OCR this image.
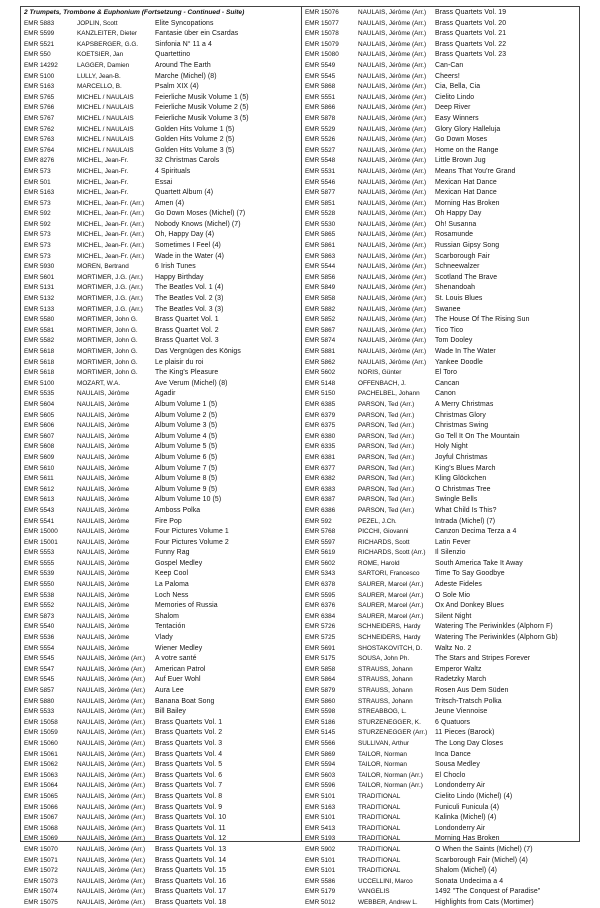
2 Trumpets, Trombone & Euphonium (Fortsetzung - Continued - Suite)
EMR 5883	JOPLIN, Scott	Elite Syncopations
EMR 5599	KANZLEITER, Dieter	Fantasie über ein Csardas
EMR 5521	KAPSBERGER, G.G.	Sinfonia N° 11 a 4
EMR 550	KOETSIER, Jan	Quartettino
EMR 14292	LAGGER, Damien	Around The Earth
EMR 5100	LULLY, Jean-B.	Marche (Michel) (8)
EMR 5163	MARCELLO, B.	Psalm XIX (4)
EMR 5765	MICHEL / NAULAIS	Feierliche Musik Volume 1 (5)
EMR 5766	MICHEL / NAULAIS	Feierliche Musik Volume 2 (5)
EMR 5767	MICHEL / NAULAIS	Feierliche Musik Volume 3 (5)
EMR 5762	MICHEL / NAULAIS	Golden Hits Volume 1 (5)
EMR 5763	MICHEL / NAULAIS	Golden Hits Volume 2 (5)
EMR 5764	MICHEL / NAULAIS	Golden Hits Volume 3 (5)
EMR 8276	MICHEL, Jean-Fr.	32 Christmas Carols
EMR 573	MICHEL, Jean-Fr.	4 Spirituals
EMR 501	MICHEL, Jean-Fr.	Essai
EMR 5163	MICHEL, Jean-Fr.	Quartett Album (4)
EMR 573	MICHEL, Jean-Fr. (Arr.)	Amen (4)
EMR 592	MICHEL, Jean-Fr. (Arr.)	Go Down Moses (Michel) (7)
EMR 592	MICHEL, Jean-Fr. (Arr.)	Nobody Knows (Michel) (7)
EMR 573	MICHEL, Jean-Fr. (Arr.)	Oh, Happy Day (4)
EMR 573	MICHEL, Jean-Fr. (Arr.)	Sometimes I Feel (4)
EMR 573	MICHEL, Jean-Fr. (Arr.)	Wade in the Water (4)
EMR 5930	MOREN, Bertrand	6 Irish Tunes
EMR 5601	MORTIMER, J.G. (Arr.)	Happy Birthday
EMR 5131	MORTIMER, J.G. (Arr.)	The Beatles Vol. 1 (4)
EMR 5132	MORTIMER, J.G. (Arr.)	The Beatles Vol. 2 (3)
EMR 5133	MORTIMER, J.G. (Arr.)	The Beatles Vol. 3 (3)
EMR 5580	MORTIMER, John G.	Brass Quartet Vol. 1
EMR 5581	MORTIMER, John G.	Brass Quartet Vol. 2
EMR 5582	MORTIMER, John G.	Brass Quartet Vol. 3
EMR 5618	MORTIMER, John G.	Das Vergnügen des Königs
EMR 5618	MORTIMER, John G.	Le plaisir du roi
EMR 5618	MORTIMER, John G.	The King's Pleasure
EMR 5100	MOZART, W.A.	Ave Verum (Michel) (8)
EMR 5535	NAULAIS, Jérôme	Agadir
EMR 5604	NAULAIS, Jérôme	Album Volume 1 (5)
EMR 5605	NAULAIS, Jérôme	Album Volume 2 (5)
EMR 5606	NAULAIS, Jérôme	Album Volume 3 (5)
EMR 5607	NAULAIS, Jérôme	Album Volume 4 (5)
EMR 5608	NAULAIS, Jérôme	Album Volume 5 (5)
EMR 5609	NAULAIS, Jérôme	Album Volume 6 (5)
EMR 5610	NAULAIS, Jérôme	Album Volume 7 (5)
EMR 5611	NAULAIS, Jérôme	Album Volume 8 (5)
EMR 5612	NAULAIS, Jérôme	Album Volume 9 (5)
EMR 5613	NAULAIS, Jérôme	Album Volume 10 (5)
EMR 5543	NAULAIS, Jérôme	Amboss Polka
EMR 5541	NAULAIS, Jérôme	Fire Pop
EMR 15000	NAULAIS, Jérôme	Four Pictures Volume 1
EMR 15001	NAULAIS, Jérôme	Four Pictures Volume 2
EMR 5553	NAULAIS, Jérôme	Funny Rag
EMR 5555	NAULAIS, Jérôme	Gospel Medley
EMR 5539	NAULAIS, Jérôme	Keep Cool
EMR 5550	NAULAIS, Jérôme	La Paloma
EMR 5538	NAULAIS, Jérôme	Loch Ness
EMR 5552	NAULAIS, Jérôme	Memories of Russia
EMR 5873	NAULAIS, Jérôme	Shalom
EMR 5540	NAULAIS, Jérôme	Tentación
EMR 5536	NAULAIS, Jérôme	Vlady
EMR 5554	NAULAIS, Jérôme	Wiener Medley
EMR 5545	NAULAIS, Jérôme (Arr.)	A votre santé
EMR 5547	NAULAIS, Jérôme (Arr.)	American Patrol
EMR 5545	NAULAIS, Jérôme (Arr.)	Auf Euer Wohl
EMR 5857	NAULAIS, Jérôme (Arr.)	Aura Lee
EMR 5880	NAULAIS, Jérôme (Arr.)	Banana Boat Song
EMR 5533	NAULAIS, Jérôme (Arr.)	Bill Bailey
EMR 15058	NAULAIS, Jérôme (Arr.)	Brass Quartets Vol. 1
EMR 15059	NAULAIS, Jérôme (Arr.)	Brass Quartets Vol. 2
EMR 15060	NAULAIS, Jérôme (Arr.)	Brass Quartets Vol. 3
EMR 15061	NAULAIS, Jérôme (Arr.)	Brass Quartets Vol. 4
EMR 15062	NAULAIS, Jérôme (Arr.)	Brass Quartets Vol. 5
EMR 15063	NAULAIS, Jérôme (Arr.)	Brass Quartets Vol. 6
EMR 15064	NAULAIS, Jérôme (Arr.)	Brass Quartets Vol. 7
EMR 15065	NAULAIS, Jérôme (Arr.)	Brass Quartets Vol. 8
EMR 15066	NAULAIS, Jérôme (Arr.)	Brass Quartets Vol. 9
EMR 15067	NAULAIS, Jérôme (Arr.)	Brass Quartets Vol. 10
EMR 15068	NAULAIS, Jérôme (Arr.)	Brass Quartets Vol. 11
EMR 15069	NAULAIS, Jérôme (Arr.)	Brass Quartets Vol. 12
EMR 15070	NAULAIS, Jérôme (Arr.)	Brass Quartets Vol. 13
EMR 15071	NAULAIS, Jérôme (Arr.)	Brass Quartets Vol. 14
EMR 15072	NAULAIS, Jérôme (Arr.)	Brass Quartets Vol. 15
EMR 15073	NAULAIS, Jérôme (Arr.)	Brass Quartets Vol. 16
EMR 15074	NAULAIS, Jérôme (Arr.)	Brass Quartets Vol. 17
EMR 15075	NAULAIS, Jérôme (Arr.)	Brass Quartets Vol. 18
EMR 15076	NAULAIS, Jérôme (Arr.)	Brass Quartets Vol. 19
EMR 15077	NAULAIS, Jérôme (Arr.)	Brass Quartets Vol. 20
EMR 15078	NAULAIS, Jérôme (Arr.)	Brass Quartets Vol. 21
EMR 15079	NAULAIS, Jérôme (Arr.)	Brass Quartets Vol. 22
EMR 15080	NAULAIS, Jérôme (Arr.)	Brass Quartets Vol. 23
EMR 5549	NAULAIS, Jérôme (Arr.)	Can-Can
EMR 5545	NAULAIS, Jérôme (Arr.)	Cheers!
EMR 5868	NAULAIS, Jérôme (Arr.)	Cia, Bella, Cia
EMR 5551	NAULAIS, Jérôme (Arr.)	Cielito Lindo
EMR 5866	NAULAIS, Jérôme (Arr.)	Deep River
EMR 5878	NAULAIS, Jérôme (Arr.)	Easy Winners
EMR 5529	NAULAIS, Jérôme (Arr.)	Glory Glory Halleluja
EMR 5526	NAULAIS, Jérôme (Arr.)	Go Down Moses
EMR 5527	NAULAIS, Jérôme (Arr.)	Home on the Range
EMR 5548	NAULAIS, Jérôme (Arr.)	Little Brown Jug
EMR 5531	NAULAIS, Jérôme (Arr.)	Means That You're Grand
EMR 5546	NAULAIS, Jérôme (Arr.)	Mexican Hat Dance
EMR 5877	NAULAIS, Jérôme (Arr.)	Mexican Hat Dance
EMR 5851	NAULAIS, Jérôme (Arr.)	Morning Has Broken
EMR 5528	NAULAIS, Jérôme (Arr.)	Oh Happy Day
EMR 5530	NAULAIS, Jérôme (Arr.)	Oh! Susanna
EMR 5865	NAULAIS, Jérôme (Arr.)	Rosamunde
EMR 5861	NAULAIS, Jérôme (Arr.)	Russian Gipsy Song
EMR 5863	NAULAIS, Jérôme (Arr.)	Scarborough Fair
EMR 5544	NAULAIS, Jérôme (Arr.)	Schneewalzer
EMR 5856	NAULAIS, Jérôme (Arr.)	Scotland The Brave
EMR 5849	NAULAIS, Jérôme (Arr.)	Shenandoah
EMR 5858	NAULAIS, Jérôme (Arr.)	St. Louis Blues
EMR 5882	NAULAIS, Jérôme (Arr.)	Swanee
EMR 5852	NAULAIS, Jérôme (Arr.)	The House Of The Rising Sun
EMR 5867	NAULAIS, Jérôme (Arr.)	Tico Tico
EMR 5874	NAULAIS, Jérôme (Arr.)	Tom Dooley
EMR 5881	NAULAIS, Jérôme (Arr.)	Wade In The Water
EMR 5862	NAULAIS, Jérôme (Arr.)	Yankee Doodle
EMR 5602	NORIS, Günter	El Toro
EMR 5148	OFFENBACH, J.	Cancan
EMR 5150	PACHELBEL, Johann	Canon
EMR 6385	PARSON, Ted (Arr.)	A Merry Christmas
EMR 6379	PARSON, Ted (Arr.)	Christmas Glory
EMR 6375	PARSON, Ted (Arr.)	Christmas Swing
EMR 6380	PARSON, Ted (Arr.)	Go Tell It On The Mountain
EMR 6335	PARSON, Ted (Arr.)	Holy Night
EMR 6381	PARSON, Ted (Arr.)	Joyful Christmas
EMR 6377	PARSON, Ted (Arr.)	King's Blues March
EMR 6382	PARSON, Ted (Arr.)	Kling Glöckchen
EMR 6383	PARSON, Ted (Arr.)	O Christmas Tree
EMR 6387	PARSON, Ted (Arr.)	Swingle Bells
EMR 6386	PARSON, Ted (Arr.)	What Child Is This?
EMR 592	PEZEL, J.Ch.	Intrada (Michel) (7)
EMR 5768	PICCHI, Giovanni	Canzon Decima Terza a 4
EMR 5597	RICHARDS, Scott	Latin Fever
EMR 5619	RICHARDS, Scott (Arr.)	Il Silenzio
EMR 5602	ROME, Harold	South America Take It Away
EMR 5343	SARTORI, Francesco	Time To Say Goodbye
EMR 6378	SAURER, Marcel (Arr.)	Adeste Fideles
EMR 5595	SAURER, Marcel (Arr.)	O Sole Mio
EMR 6376	SAURER, Marcel (Arr.)	Ox And Donkey Blues
EMR 6384	SAURER, Marcel (Arr.)	Silent Night
EMR 5726	SCHNEIDERS, Hardy	Watering The Periwinkles (Alphorn F)
EMR 5725	SCHNEIDERS, Hardy	Watering The Periwinkles (Alphorn Gb)
EMR 5691	SHOSTAKOVITCH, D.	Waltz No. 2
EMR 5175	SOUSA, John Ph.	The Stars and Stripes Forever
EMR 5858	STRAUSS, Johann	Emperor Waltz
EMR 5864	STRAUSS, Johann	Radetzky March
EMR 5879	STRAUSS, Johann	Rosen Aus Dem Süden
EMR 5860	STRAUSS, Johann	Tritsch-Tratsch Polka
EMR 5598	STREABBOG, L.	Jeune Viennoise
EMR 5186	STURZENEGGER, K.	6 Quatuors
EMR 5145	STURZENEGGER (Arr.)	11 Pieces (Barock)
EMR 5566	SULLIVAN, Arthur	The Long Day Closes
EMR 5869	TAILOR, Norman	Inca Dance
EMR 5594	TAILOR, Norman	Sousa Medley
EMR 5603	TAILOR, Norman (Arr.)	El Choclo
EMR 5596	TAILOR, Norman (Arr.)	Londonderry Air
EMR 5101	TRADITIONAL	Cielito Lindo (Michel) (4)
EMR 5163	TRADITIONAL	Funiculi Funicula (4)
EMR 5101	TRADITIONAL	Kalinka (Michel) (4)
EMR 5413	TRADITIONAL	Londonderry Air
EMR 5193	TRADITIONAL	Morning Has Broken
EMR 5902	TRADITIONAL	O When the Saints (Michel) (7)
EMR 5101	TRADITIONAL	Scarborough Fair (Michel) (4)
EMR 5101	TRADITIONAL	Shalom (Michel) (4)
EMR 5586	UCCELLINI, Marco	Sonata Undecima a 4
EMR 5179	VANGELIS	1492 "The Conquest of Paradise"
EMR 5012	WEBBER, Andrew L.	Highlights from Cats (Mortimer)
